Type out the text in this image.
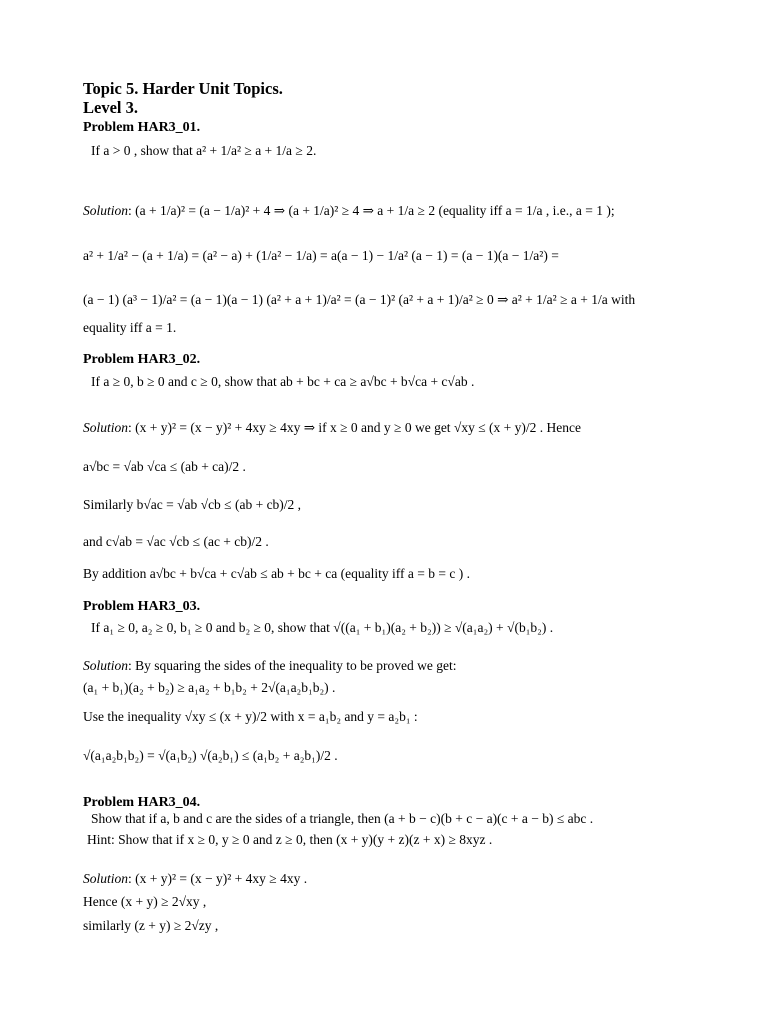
Topic 5. Harder Unit Topics.
Level 3.
Problem HAR3_01.
If a > 0 , show that a² + 1/a² ≥ a + 1/a ≥ 2.
Solution: (a + 1/a)² = (a − 1/a)² + 4 ⇒ (a + 1/a)² ≥ 4 ⇒ a + 1/a ≥ 2 (equality iff a = 1/a , i.e., a = 1 );
a² + 1/a² − (a + 1/a) = (a² − a) + (1/a² − 1/a) = a(a − 1) − 1/a² (a − 1) = (a − 1)(a − 1/a²) =
(a − 1) (a³ − 1)/a² = (a − 1)(a − 1) (a² + a + 1)/a² = (a − 1)² (a² + a + 1)/a² ≥ 0 ⇒ a² + 1/a² ≥ a + 1/a with
equality iff a = 1.
Problem HAR3_02.
If a ≥ 0, b ≥ 0 and c ≥ 0, show that ab + bc + ca ≥ a√bc + b√ca + c√ab .
Solution: (x + y)² = (x − y)² + 4xy ≥ 4xy ⇒ if x ≥ 0 and y ≥ 0 we get √xy ≤ (x + y)/2 . Hence
a√bc = √ab √ca ≤ (ab + ca)/2 .
Similarly b√ac = √ab √cb ≤ (ab + cb)/2 ,
and c√ab = √ac √cb ≤ (ac + cb)/2 .
By addition a√bc + b√ca + c√ab ≤ ab + bc + ca (equality iff a = b = c ) .
Problem HAR3_03.
If a₁ ≥ 0, a₂ ≥ 0, b₁ ≥ 0 and b₂ ≥ 0, show that √((a₁ + b₁)(a₂ + b₂)) ≥ √(a₁a₂) + √(b₁b₂) .
Solution: By squaring the sides of the inequality to be proved we get:
(a₁ + b₁)(a₂ + b₂) ≥ a₁a₂ + b₁b₂ + 2√(a₁a₂b₁b₂) .
Use the inequality √xy ≤ (x + y)/2 with x = a₁b₂ and y = a₂b₁ :
√(a₁a₂b₁b₂) = √(a₁b₂) √(a₂b₁) ≤ (a₁b₂ + a₂b₁)/2 .
Problem HAR3_04.
Show that if a, b and c are the sides of a triangle, then (a + b − c)(b + c − a)(c + a − b) ≤ abc .
Hint: Show that if x ≥ 0, y ≥ 0 and z ≥ 0, then (x + y)(y + z)(z + x) ≥ 8xyz .
Solution: (x + y)² = (x − y)² + 4xy ≥ 4xy .
Hence (x + y) ≥ 2√xy ,
similarly (z + y) ≥ 2√zy ,
